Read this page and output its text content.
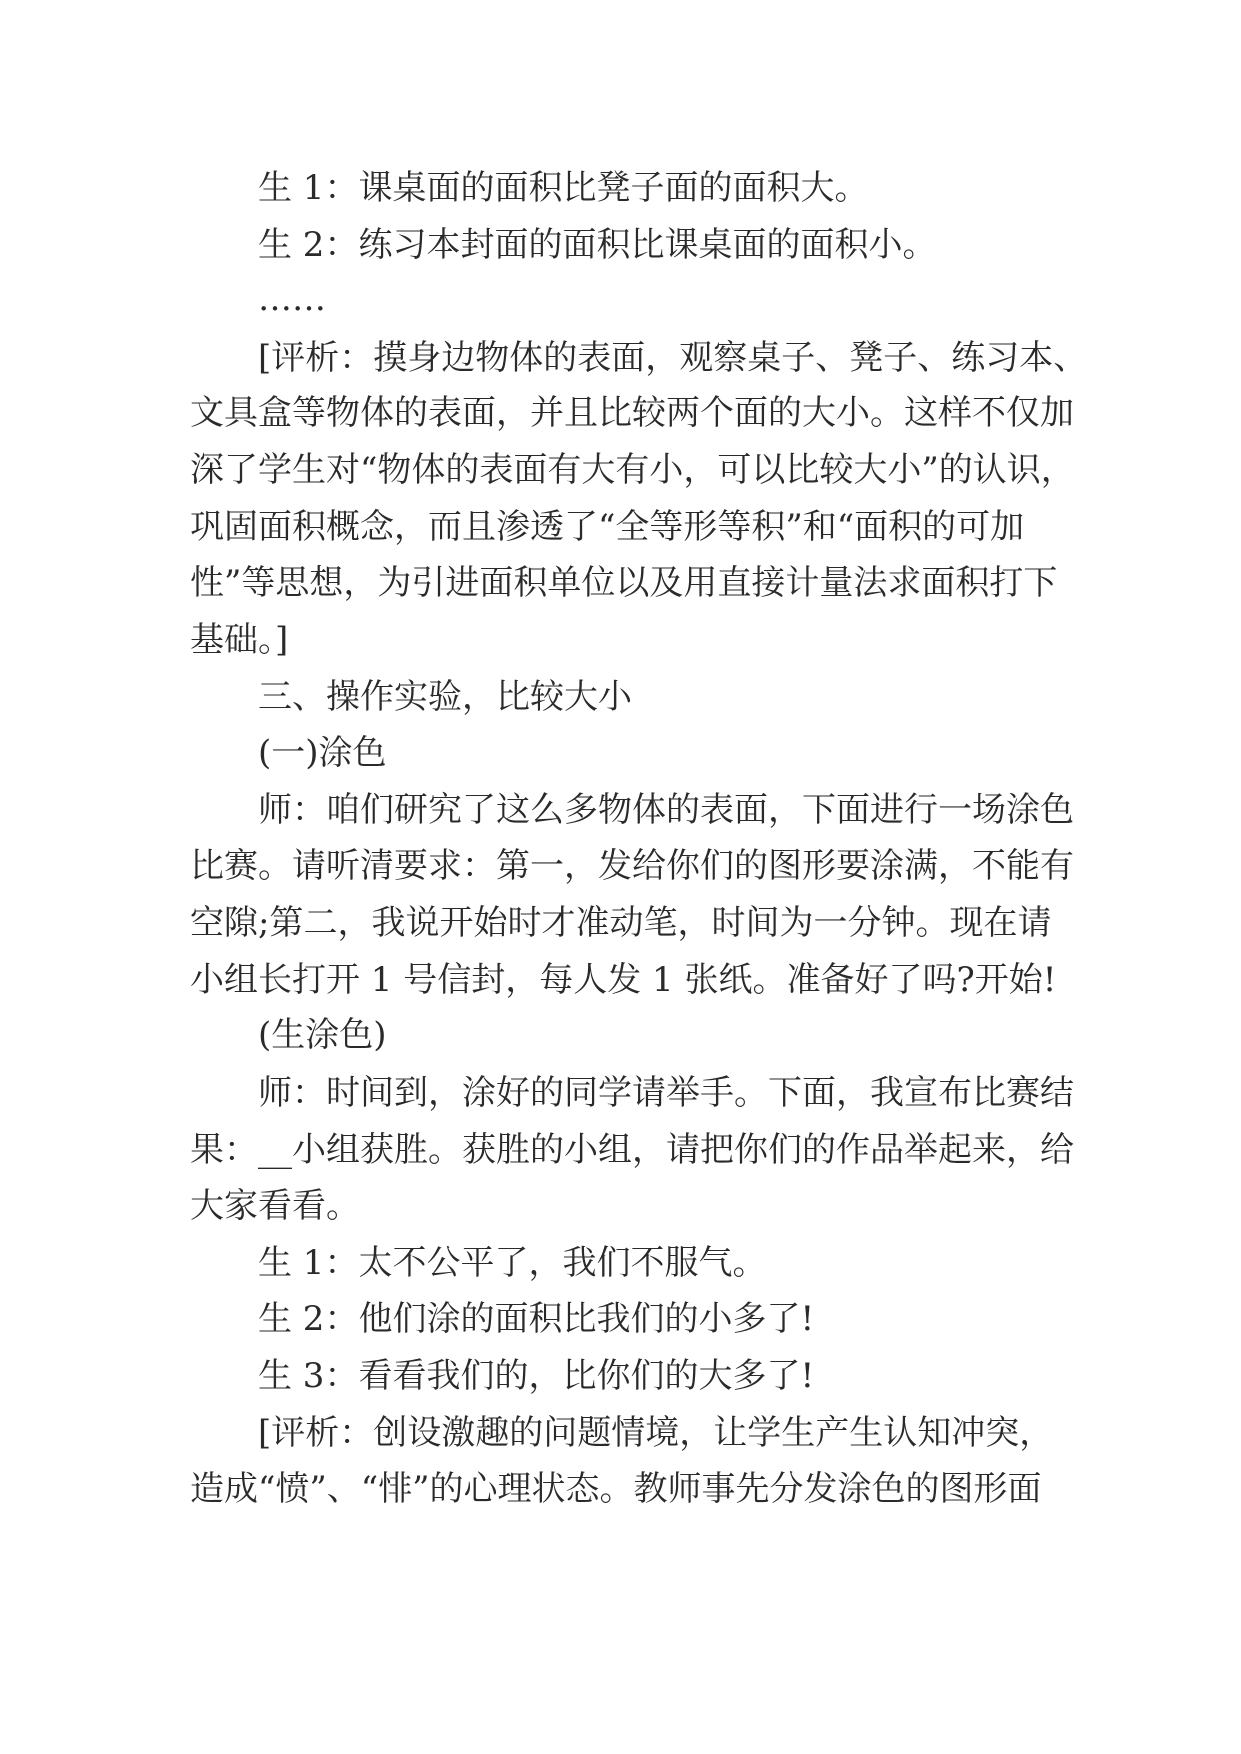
生 1：课桌面的面积比凳子面的面积大。
生 2：练习本封面的面积比课桌面的面积小。
……
[评析：摸身边物体的表面，观察桌子、凳子、练习本、
文具盒等物体的表面，并且比较两个面的大小。这样不仅加
深了学生对“物体的表面有大有小，可以比较大小”的认识，
巩固面积概念，而且渗透了“全等形等积”和“面积的可加
性”等思想，为引进面积单位以及用直接计量法求面积打下
基础。]
三、操作实验，比较大小
(一)涂色
师：咱们研究了这么多物体的表面，下面进行一场涂色
比赛。请听清要求：第一，发给你们的图形要涂满，不能有
空隙;第二，我说开始时才准动笔，时间为一分钟。现在请
小组长打开 1 号信封，每人发 1 张纸。准备好了吗?开始!
(生涂色)
师：时间到，涂好的同学请举手。下面，我宣布比赛结
果：__小组获胜。获胜的小组，请把你们的作品举起来，给
大家看看。
生 1：太不公平了，我们不服气。
生 2：他们涂的面积比我们的小多了!
生 3：看看我们的，比你们的大多了!
[评析：创设激趣的问题情境，让学生产生认知冲突，
造成“愤”、“悱”的心理状态。教师事先分发涂色的图形面
